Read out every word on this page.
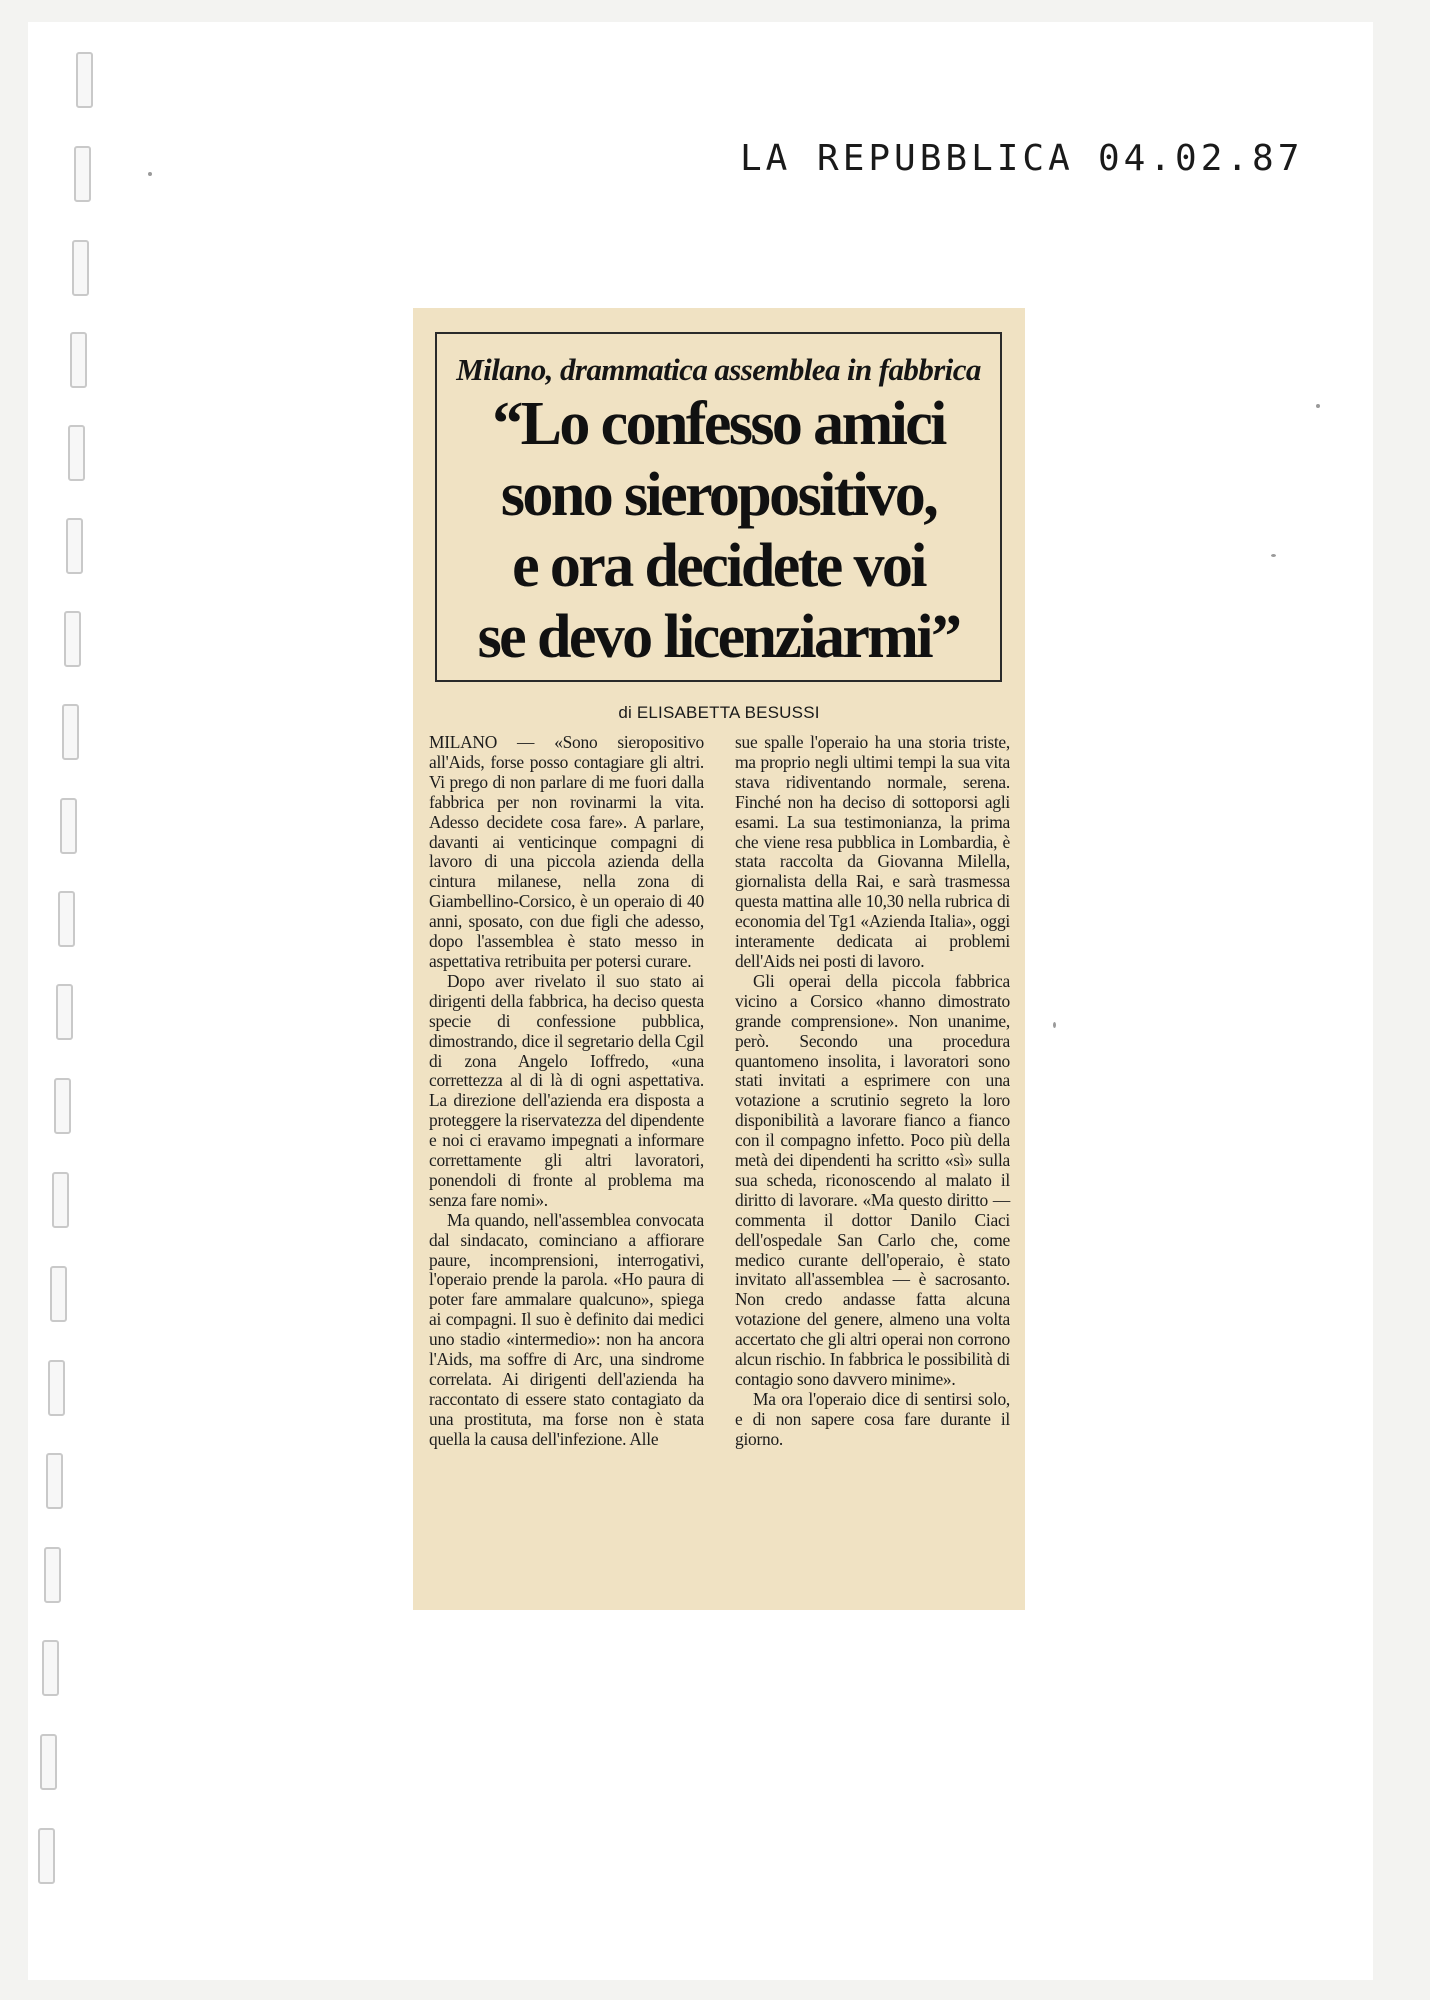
LA REPUBBLICA 04.02.87
Milano, drammatica assemblea in fabbrica
“Lo confesso amici
sono sieropositivo,
e ora decidete voi
se devo licenziarmi”
di ELISABETTA BESUSSI

MILANO — «Sono sieropositivo all'Aids, forse posso contagiare gli altri. Vi prego di non parlare di me fuori dalla fabbrica per non rovinarmi la vita. Adesso decidete cosa fare». A parlare, davanti ai venticinque compagni di lavoro di una piccola azienda della cintura milanese, nella zona di Giambellino-Corsico, è un operaio di 40 anni, sposato, con due figli che adesso, dopo l'assemblea è stato messo in aspettativa retribuita per potersi curare.

Dopo aver rivelato il suo stato ai dirigenti della fabbrica, ha deciso questa specie di confessione pubblica, dimostrando, dice il segretario della Cgil di zona Angelo Ioffredo, «una correttezza al di là di ogni aspettativa. La direzione dell'azienda era disposta a proteggere la riservatezza del dipendente e noi ci eravamo impegnati a informare correttamente gli altri lavoratori, ponendoli di fronte al problema ma senza fare nomi».

Ma quando, nell'assemblea convocata dal sindacato, cominciano a affiorare paure, incomprensioni, interrogativi, l'operaio prende la parola. «Ho paura di poter fare ammalare qualcuno», spiega ai compagni. Il suo è definito dai medici uno stadio «intermedio»: non ha ancora l'Aids, ma soffre di Arc, una sindrome correlata. Ai dirigenti dell'azienda ha raccontato di essere stato contagiato da una prostituta, ma forse non è stata quella la causa dell'infezione. Alle

sue spalle l'operaio ha una storia triste, ma proprio negli ultimi tempi la sua vita stava ridiventando normale, serena. Finché non ha deciso di sottoporsi agli esami. La sua testimonianza, la prima che viene resa pubblica in Lombardia, è stata raccolta da Giovanna Milella, giornalista della Rai, e sarà trasmessa questa mattina alle 10,30 nella rubrica di economia del Tg1 «Azienda Italia», oggi interamente dedicata ai problemi dell'Aids nei posti di lavoro.

Gli operai della piccola fabbrica vicino a Corsico «hanno dimostrato grande comprensione». Non unanime, però. Secondo una procedura quantomeno insolita, i lavoratori sono stati invitati a esprimere con una votazione a scrutinio segreto la loro disponibilità a lavorare fianco a fianco con il compagno infetto. Poco più della metà dei dipendenti ha scritto «sì» sulla sua scheda, riconoscendo al malato il diritto di lavorare. «Ma questo diritto — commenta il dottor Danilo Ciaci dell'ospedale San Carlo che, come medico curante dell'operaio, è stato invitato all'assemblea — è sacrosanto. Non credo andasse fatta alcuna votazione del genere, almeno una volta accertato che gli altri operai non corrono alcun rischio. In fabbrica le possibilità di contagio sono davvero minime».

Ma ora l'operaio dice di sentirsi solo, e di non sapere cosa fare durante il giorno.
